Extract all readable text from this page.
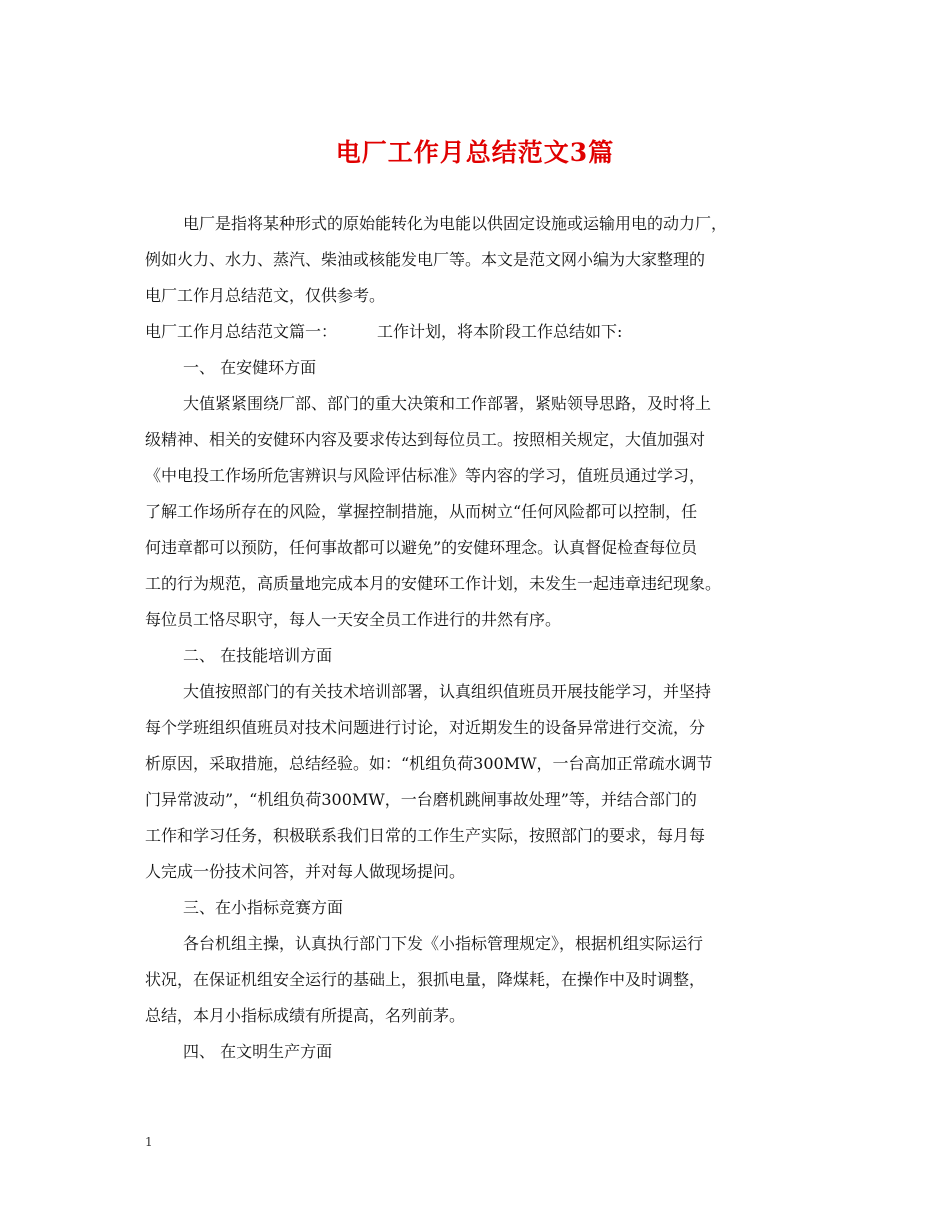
电厂工作月总结范文3篇

电厂是指将某种形式的原始能转化为电能以供固定设施或运输用电的动力厂，

例如火力、水力、蒸汽、柴油或核能发电厂等。本文是范文网小编为大家整理的

电厂工作月总结范文，仅供参考。

电厂工作月总结范文篇一：	工作计划，将本阶段工作总结如下:

一、 在安健环方面

大值紧紧围绕厂部、部门的重大决策和工作部署，紧贴领导思路，及时将上

级精神、相关的安健环内容及要求传达到每位员工。按照相关规定，大值加强对

《中电投工作场所危害辨识与风险评估标准》等内容的学习，值班员通过学习，

了解工作场所存在的风险，掌握控制措施，从而树立“任何风险都可以控制，任

何违章都可以预防，任何事故都可以避免”的安健环理念。认真督促检查每位员

工的行为规范，高质量地完成本月的安健环工作计划，未发生一起违章违纪现象。

每位员工恪尽职守，每人一天安全员工作进行的井然有序。

二、 在技能培训方面

大值按照部门的有关技术培训部署，认真组织值班员开展技能学习，并坚持

每个学班组织值班员对技术问题进行讨论，对近期发生的设备异常进行交流，分

析原因，采取措施，总结经验。如：“机组负荷300MW，一台高加正常疏水调节

门异常波动”，“机组负荷300MW，一台磨机跳闸事故处理”等，并结合部门的

工作和学习任务，积极联系我们日常的工作生产实际，按照部门的要求，每月每

人完成一份技术问答，并对每人做现场提问。

三、在小指标竞赛方面

各台机组主操，认真执行部门下发《小指标管理规定》，根据机组实际运行

状况，在保证机组安全运行的基础上，狠抓电量，降煤耗，在操作中及时调整，

总结，本月小指标成绩有所提高，名列前茅。

四、 在文明生产方面

1
